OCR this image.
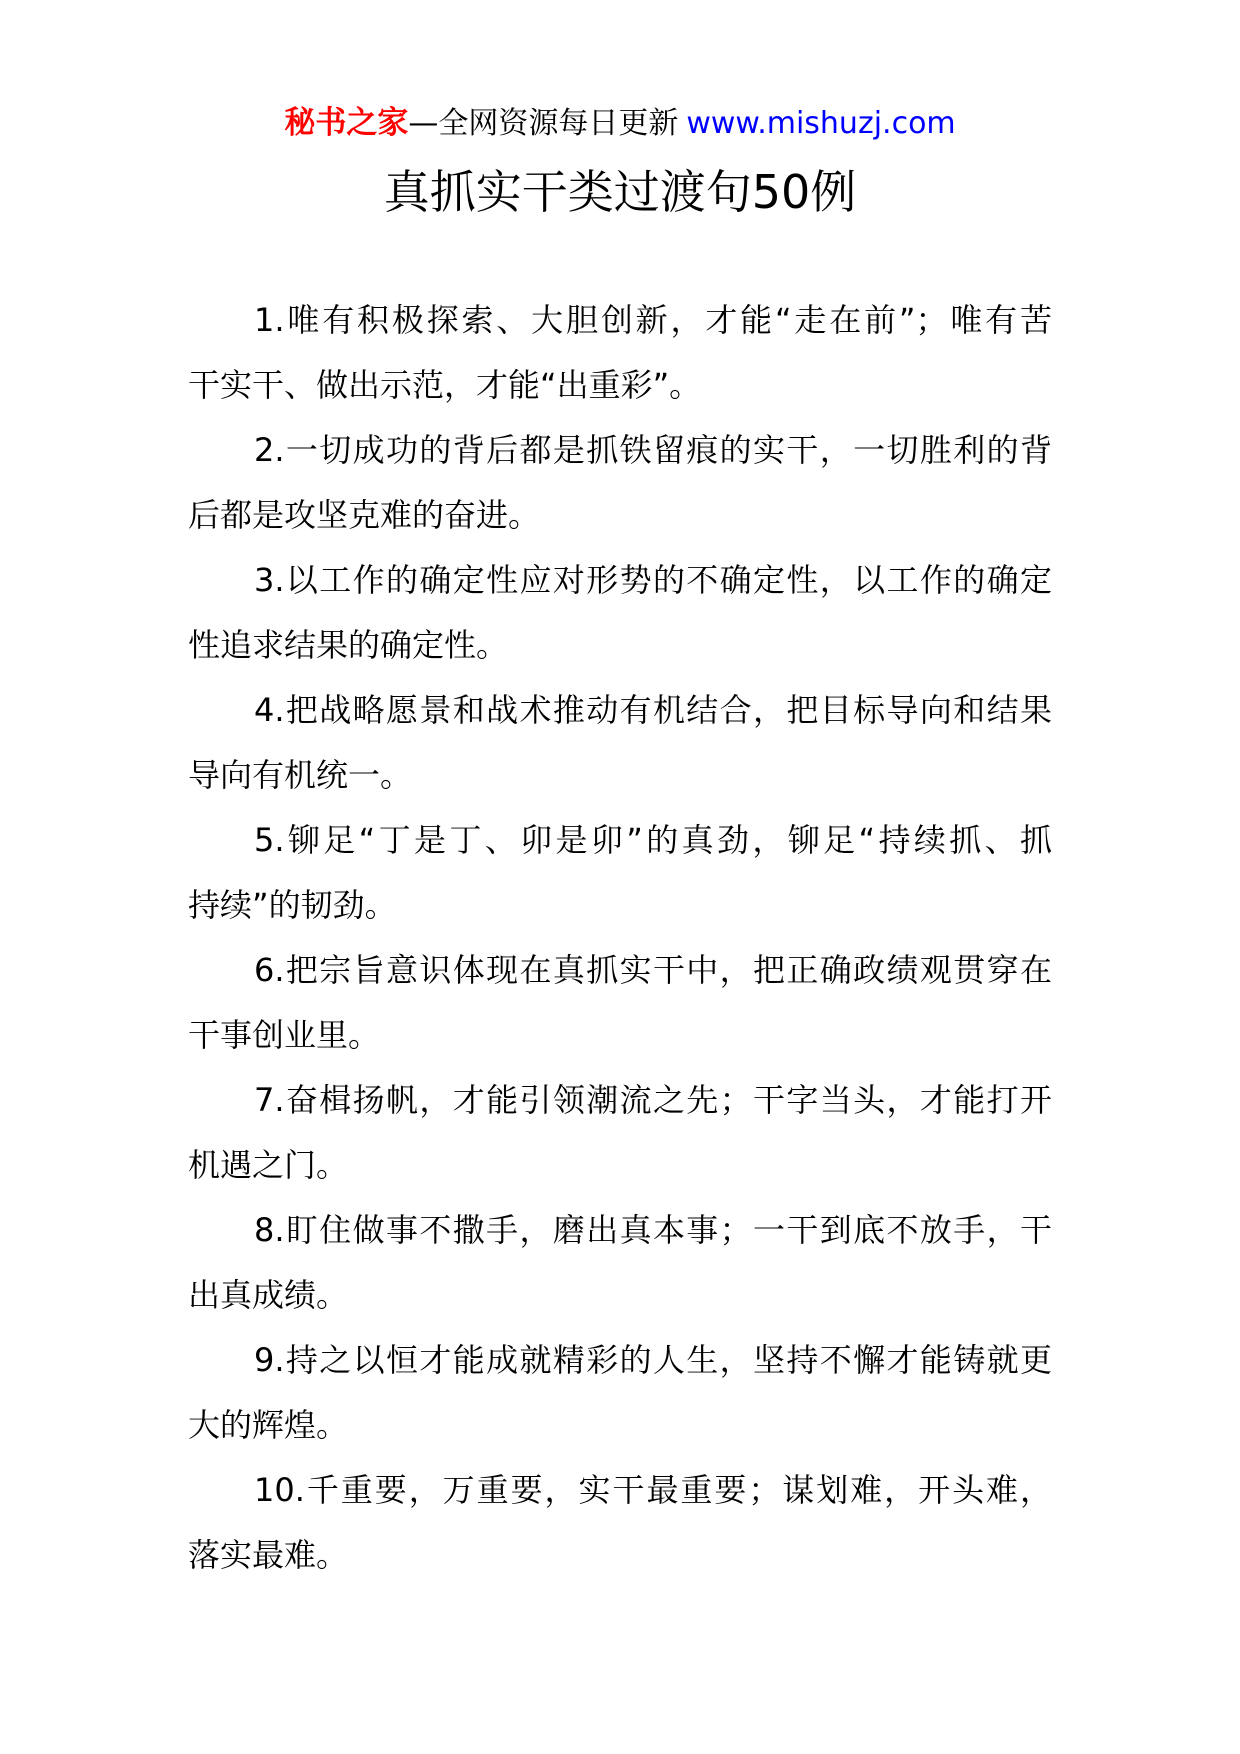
秘书之家—全网资源每日更新 www.mishuzj.com
真抓实干类过渡句50例
1.唯有积极探索、大胆创新，才能“走在前”；唯有苦
干实干、做出示范，才能“出重彩”。
2.一切成功的背后都是抓铁留痕的实干，一切胜利的背
后都是攻坚克难的奋进。
3.以工作的确定性应对形势的不确定性，以工作的确定
性追求结果的确定性。
4.把战略愿景和战术推动有机结合，把目标导向和结果
导向有机统一。
5.铆足“丁是丁、卯是卯”的真劲，铆足“持续抓、抓
持续”的韧劲。
6.把宗旨意识体现在真抓实干中，把正确政绩观贯穿在
干事创业里。
7.奋楫扬帆，才能引领潮流之先；干字当头，才能打开
机遇之门。
8.盯住做事不撒手，磨出真本事；一干到底不放手，干
出真成绩。
9.持之以恒才能成就精彩的人生，坚持不懈才能铸就更
大的辉煌。
10.千重要，万重要，实干最重要；谋划难，开头难，
落实最难。
